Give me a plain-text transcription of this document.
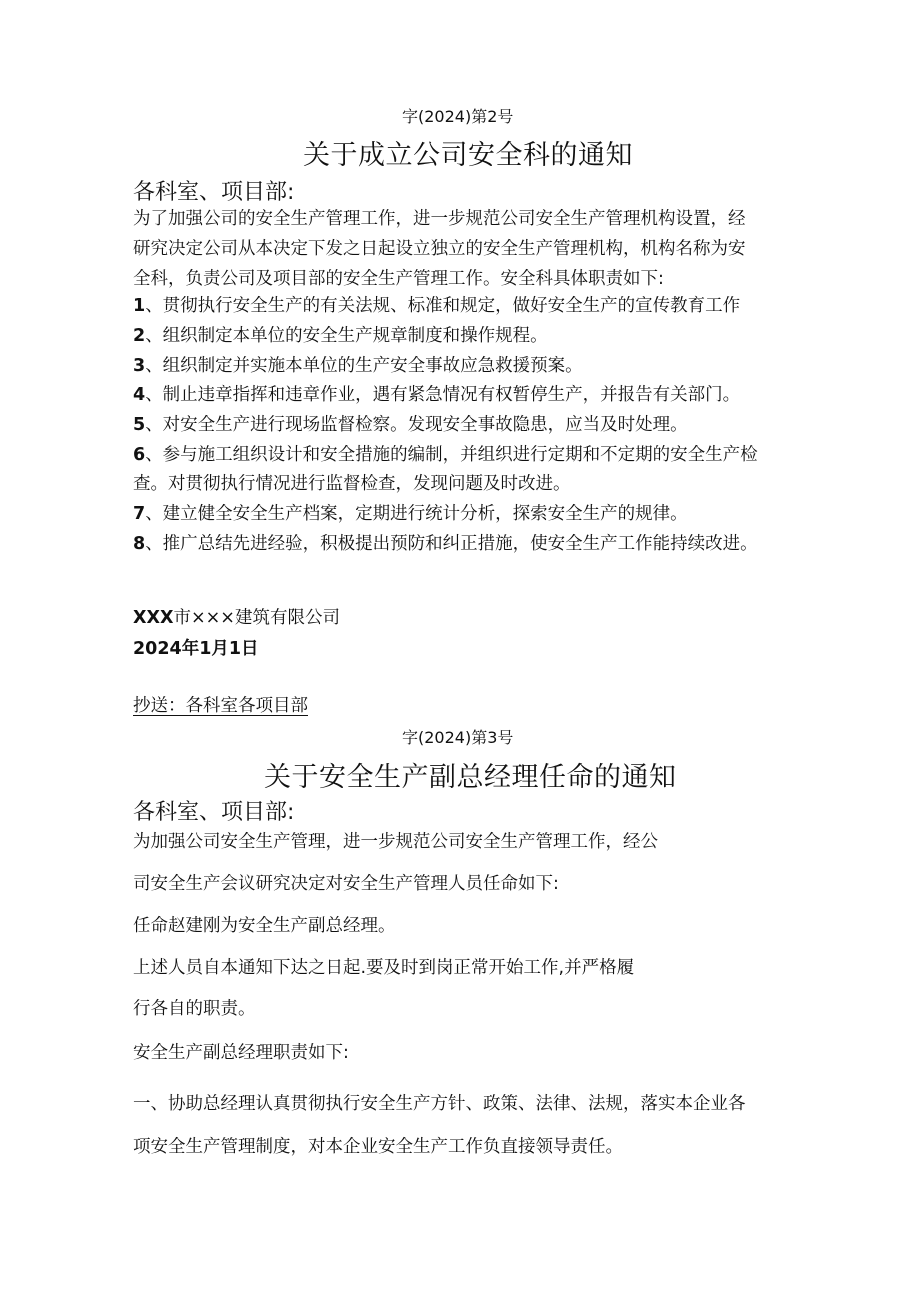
字(2024)第2号

关于成立公司安全科的通知

各科室、项目部:

为了加强公司的安全生产管理工作，进一步规范公司安全生产管理机构设置，经

研究决定公司从本决定下发之日起设立独立的安全生产管理机构，机构名称为安

全科，负责公司及项目部的安全生产管理工作。安全科具体职责如下:

1、贯彻执行安全生产的有关法规、标准和规定，做好安全生产的宣传教育工作

2、组织制定本单位的安全生产规章制度和操作规程。

3、组织制定并实施本单位的生产安全事故应急救援预案。

4、制止违章指挥和违章作业，遇有紧急情况有权暂停生产，并报告有关部门。

5、对安全生产进行现场监督检察。发现安全事故隐患，应当及时处理。

6、参与施工组织设计和安全措施的编制，并组织进行定期和不定期的安全生产检

查。对贯彻执行情况进行监督检查，发现问题及时改进。

7、建立健全安全生产档案，定期进行统计分析，探索安全生产的规律。

8、推广总结先进经验，积极提出预防和纠正措施，使安全生产工作能持续改进。

XXX市×××建筑有限公司

2024年1月1日

抄送：各科室各项目部

字(2024)第3号

关于安全生产副总经理任命的通知

各科室、项目部:

为加强公司安全生产管理，进一步规范公司安全生产管理工作，经公

司安全生产会议研究决定对安全生产管理人员任命如下:

任命赵建刚为安全生产副总经理。

上述人员自本通知下达之日起.要及时到岗正常开始工作,并严格履

行各自的职责。

安全生产副总经理职责如下:

一、协助总经理认真贯彻执行安全生产方针、政策、法律、法规，落实本企业各

项安全生产管理制度，对本企业安全生产工作负直接领导责任。
